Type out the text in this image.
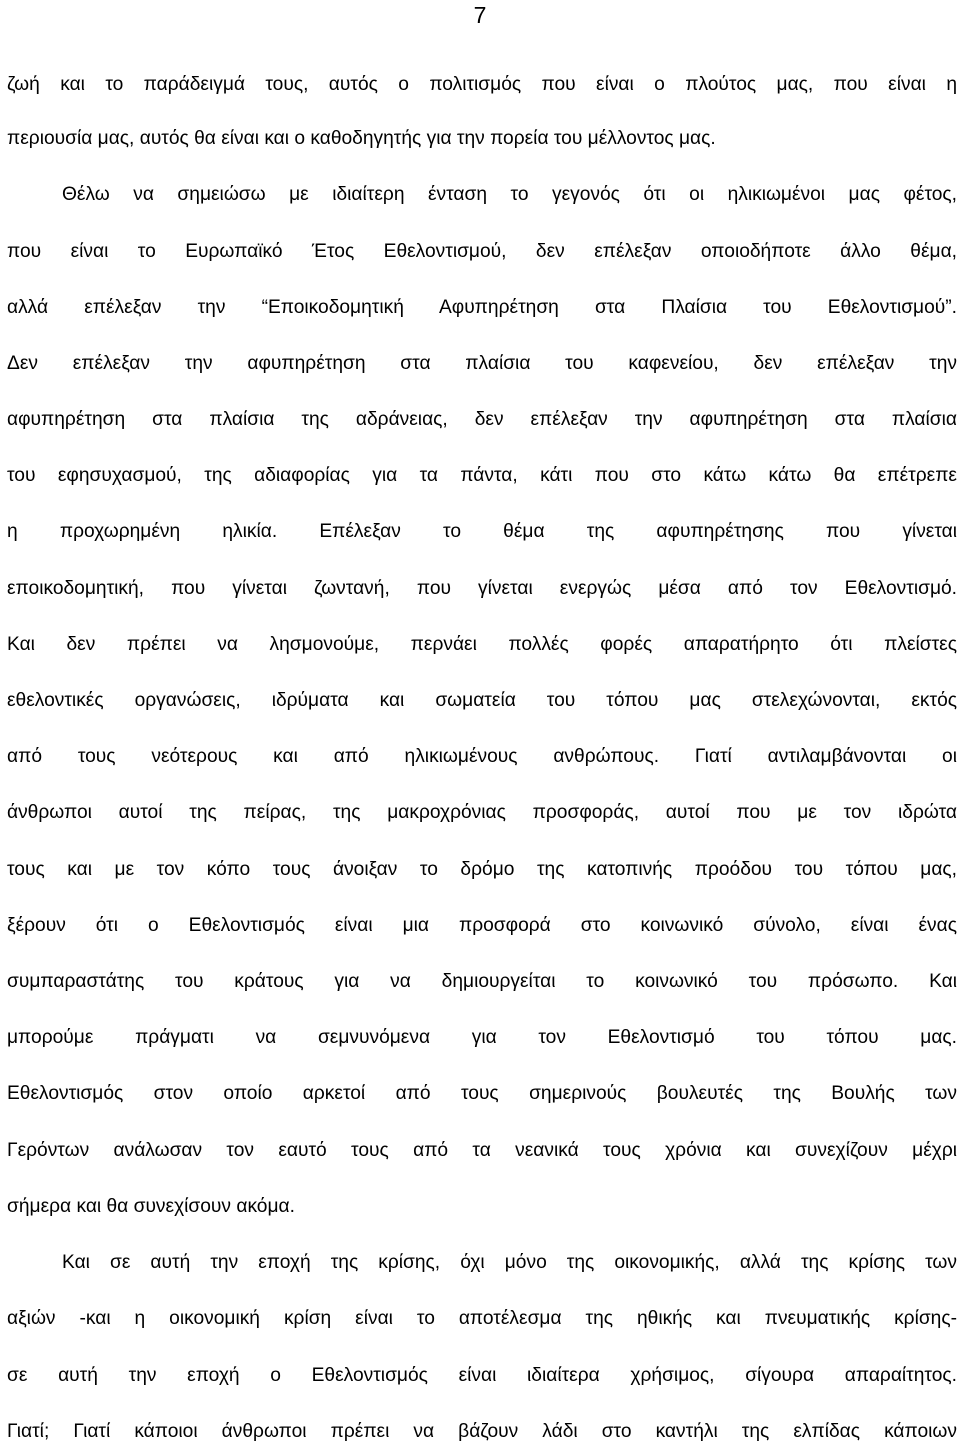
7
ζωή και το παράδειγμά τους, αυτός ο πολιτισμός που είναι ο πλούτος μας, που είναι η
περιουσία μας, αυτός θα είναι και ο καθοδηγητής για την πορεία του μέλλοντος μας.
Θέλω να σημειώσω με ιδιαίτερη ένταση το γεγονός ότι οι ηλικιωμένοι μας φέτος,
που είναι το Ευρωπαϊκό Έτος Εθελοντισμού, δεν επέλεξαν οποιοδήποτε άλλο θέμα,
αλλά επέλεξαν την “Εποικοδομητική Αφυπηρέτηση στα Πλαίσια του Εθελοντισμού”.
Δεν επέλεξαν την αφυπηρέτηση στα πλαίσια του καφενείου, δεν επέλεξαν την
αφυπηρέτηση στα πλαίσια της αδράνειας, δεν επέλεξαν την αφυπηρέτηση στα πλαίσια
του εφησυχασμού, της αδιαφορίας για τα πάντα, κάτι που στο κάτω κάτω θα επέτρεπε
η προχωρημένη ηλικία. Επέλεξαν το θέμα της αφυπηρέτησης που γίνεται
εποικοδομητική, που γίνεται ζωντανή, που γίνεται ενεργώς μέσα από τον Εθελοντισμό.
Και δεν πρέπει να λησμονούμε, περνάει πολλές φορές απαρατήρητο ότι πλείστες
εθελοντικές οργανώσεις, ιδρύματα και σωματεία του τόπου μας στελεχώνονται, εκτός
από τους νεότερους και από ηλικιωμένους ανθρώπους. Γιατί αντιλαμβάνονται οι
άνθρωποι αυτοί της πείρας, της μακροχρόνιας προσφοράς, αυτοί που με τον ιδρώτα
τους και με τον κόπο τους άνοιξαν το δρόμο της κατοπινής προόδου του τόπου μας,
ξέρουν ότι ο Εθελοντισμός είναι μια προσφορά στο κοινωνικό σύνολο, είναι ένας
συμπαραστάτης του κράτους για να δημιουργείται το κοινωνικό του πρόσωπο. Και
μπορούμε πράγματι να σεμνυνόμενα για τον Εθελοντισμό του τόπου μας.
Εθελοντισμός στον οποίο αρκετοί από τους σημερινούς βουλευτές της Βουλής των
Γερόντων ανάλωσαν τον εαυτό τους από τα νεανικά τους χρόνια και συνεχίζουν μέχρι
σήμερα και θα συνεχίσουν ακόμα.
Και σε αυτή την εποχή της κρίσης, όχι μόνο της οικονομικής, αλλά της κρίσης των
αξιών -και η οικονομική κρίση είναι το αποτέλεσμα της ηθικής και πνευματικής κρίσης-
σε αυτή την εποχή ο Εθελοντισμός είναι ιδιαίτερα χρήσιμος, σίγουρα απαραίτητος.
Γιατί; Γιατί κάποιοι άνθρωποι πρέπει να βάζουν λάδι στο καντήλι της ελπίδας κάποιων
